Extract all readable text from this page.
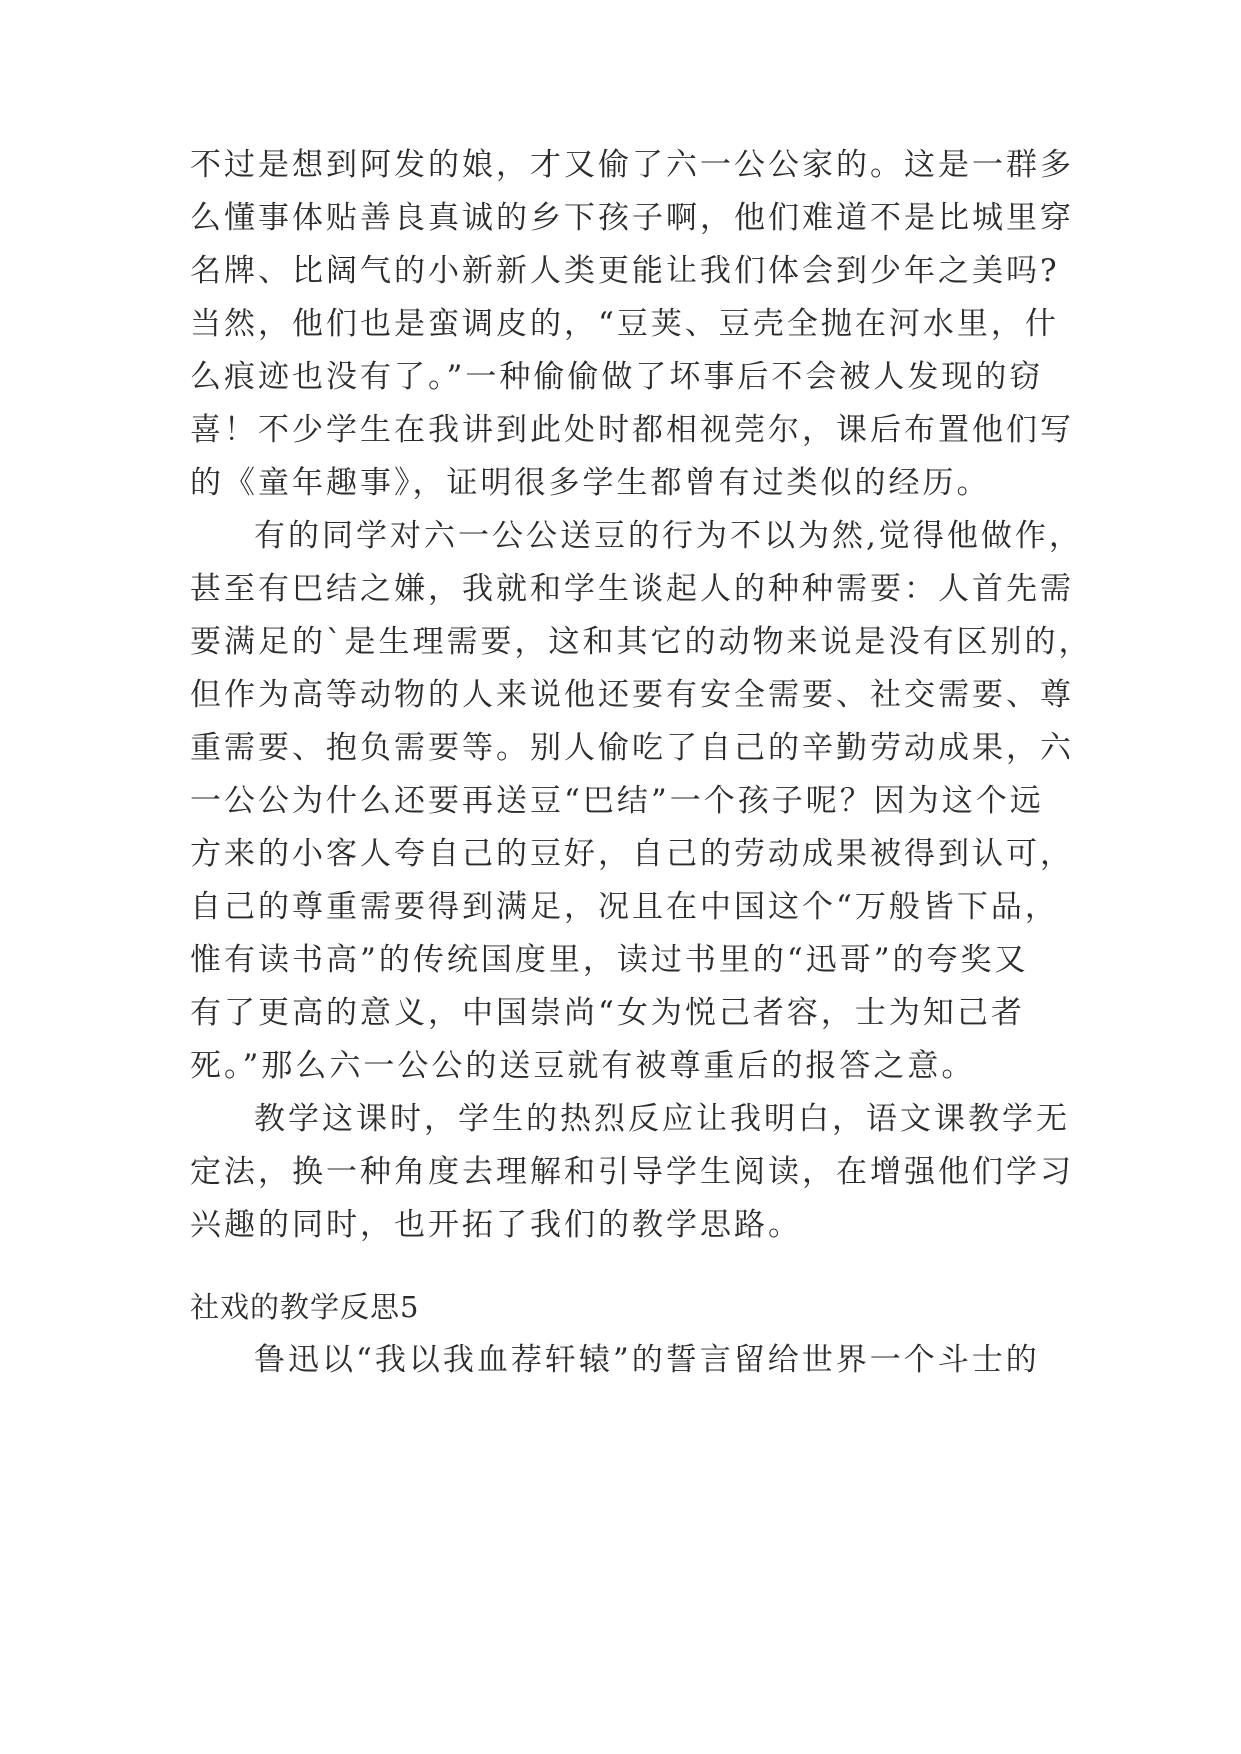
不过是想到阿发的娘，才又偷了六一公公家的。这是一群多

么懂事体贴善良真诚的乡下孩子啊，他们难道不是比城里穿

名牌、比阔气的小新新人类更能让我们体会到少年之美吗?

当然，他们也是蛮调皮的，“豆荚、豆壳全抛在河水里，什

么痕迹也没有了。”一种偷偷做了坏事后不会被人发现的窃

喜！不少学生在我讲到此处时都相视莞尔，课后布置他们写

的《童年趣事》，证明很多学生都曾有过类似的经历。

有的同学对六一公公送豆的行为不以为然,觉得他做作，

甚至有巴结之嫌，我就和学生谈起人的种种需要：人首先需

要满足的`是生理需要，这和其它的动物来说是没有区别的，

但作为高等动物的人来说他还要有安全需要、社交需要、尊

重需要、抱负需要等。别人偷吃了自己的辛勤劳动成果，六

一公公为什么还要再送豆“巴结”一个孩子呢？因为这个远

方来的小客人夸自己的豆好，自己的劳动成果被得到认可，

自己的尊重需要得到满足，况且在中国这个“万般皆下品，

惟有读书高”的传统国度里，读过书里的“迅哥”的夸奖又

有了更高的意义，中国崇尚“女为悦己者容，士为知己者

死。”那么六一公公的送豆就有被尊重后的报答之意。

教学这课时，学生的热烈反应让我明白，语文课教学无

定法，换一种角度去理解和引导学生阅读，在增强他们学习

兴趣的同时，也开拓了我们的教学思路。

社戏的教学反思5

鲁迅以“我以我血荐轩辕”的誓言留给世界一个斗士的
